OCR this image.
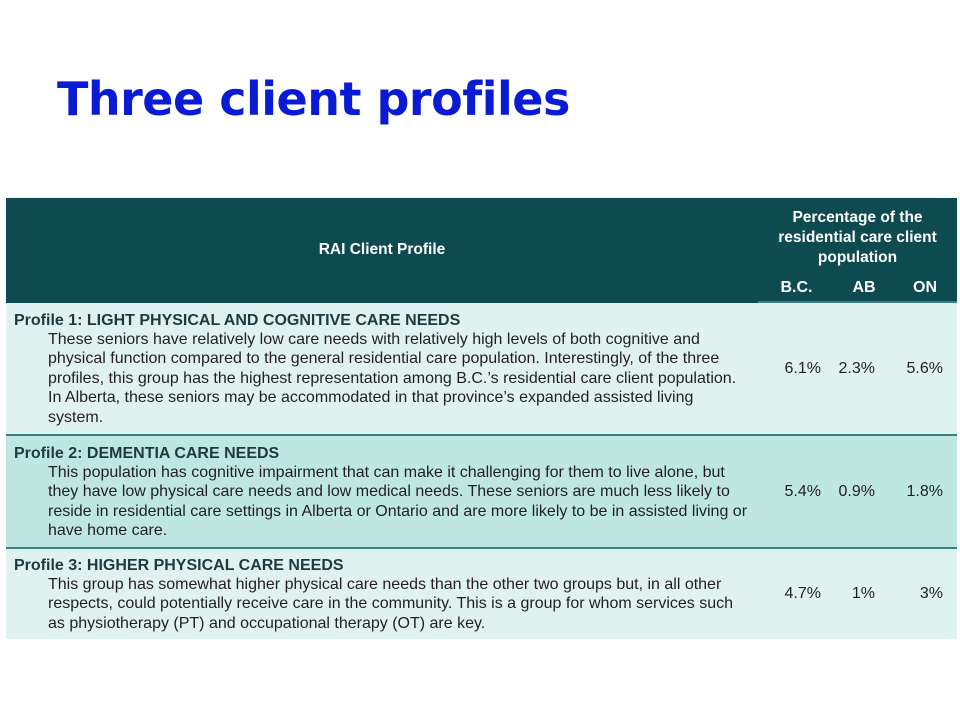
Three client profiles
RAI Client Profile	Percentage of the residential care client population		
	B.C.	AB	ON

Profile 1: LIGHT PHYSICAL AND COGNITIVE CARE NEEDS
These seniors have relatively low care needs with relatively high levels of both cognitive and physical function compared to the general residential care population. Interestingly, of the three profiles, this group has the highest representation among B.C.’s residential care client population. In Alberta, these seniors may be accommodated in that province’s expanded assisted living system.	6.1%	2.3%	5.6%

Profile 2: DEMENTIA CARE NEEDS
This population has cognitive impairment that can make it challenging for them to live alone, but they have low physical care needs and low medical needs. These seniors are much less likely to reside in residential care settings in Alberta or Ontario and are more likely to be in assisted living or have home care.	5.4%	0.9%	1.8%

Profile 3: HIGHER PHYSICAL CARE NEEDS
This group has somewhat higher physical care needs than the other two groups but, in all other respects, could potentially receive care in the community. This is a group for whom services such as physiotherapy (PT) and occupational therapy (OT) are key.	4.7%	1%	3%
